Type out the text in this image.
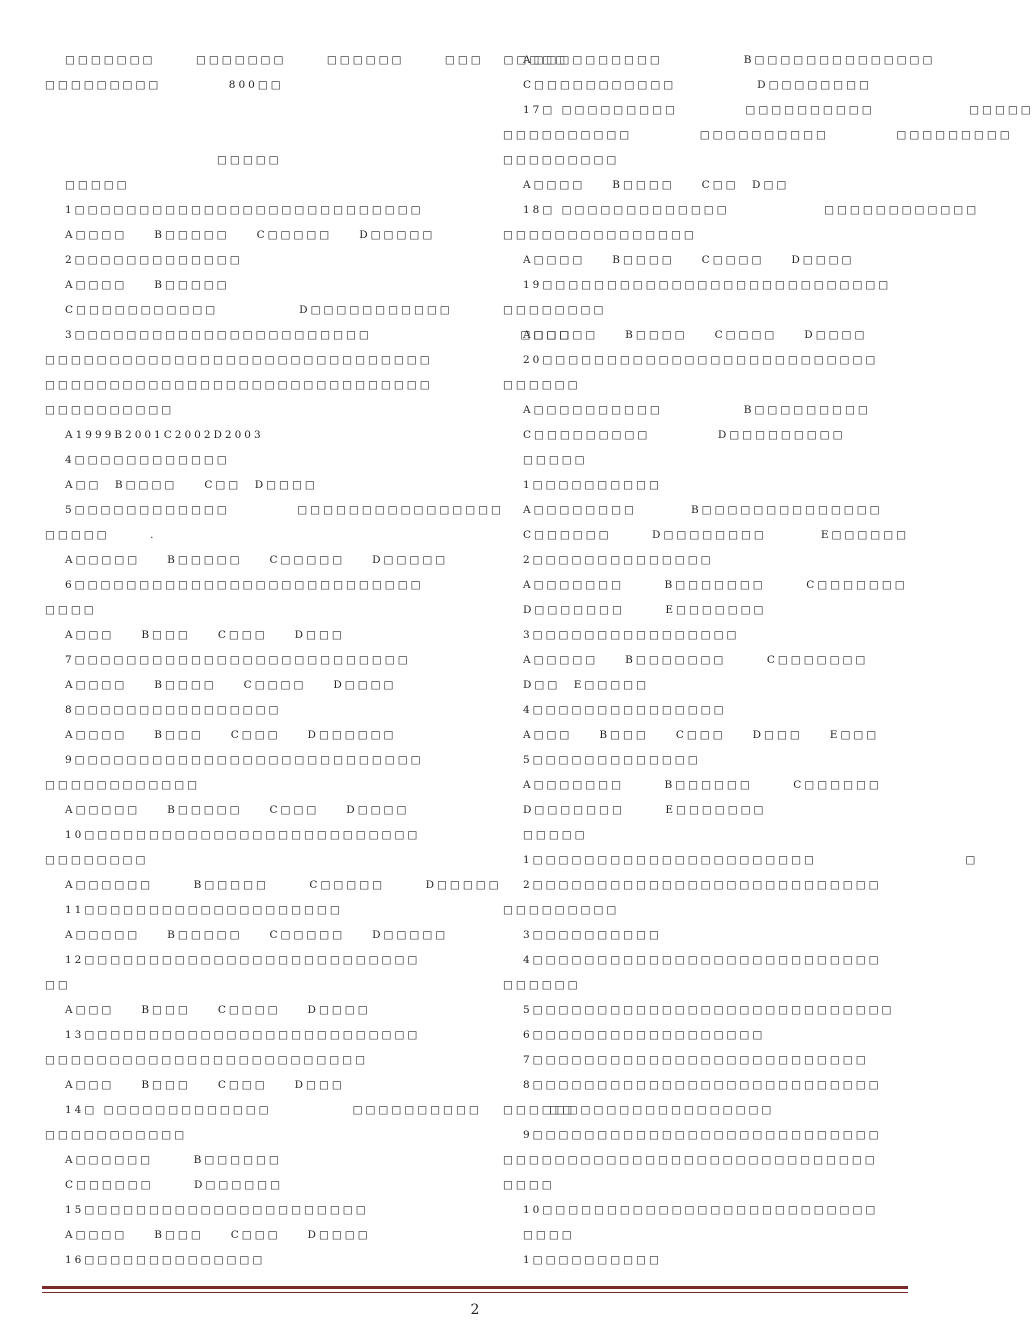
□□□□□□□　　　□□□□□□□　　　□□□□□□　　　□□□　 □□□□□
□□□□□□□□□　　　　　800□□
□□□□□
□□□□□
1□□□□□□□□□□□□□□□□□□□□□□□□□□□
A□□□□　　B□□□□□　　C□□□□□　　D□□□□□
2□□□□□□□□□□□□□
A□□□□　　B□□□□□
C□□□□□□□□□□□　　　　　　D□□□□□□□□□□□
3□□□□□□□□□□□□□□□□□□□□□□□　　　　　　　　　　　□□□□
□□□□□□□□□□□□□□□□□□□□□□□□□□□□□□
□□□□□□□□□□□□□□□□□□□□□□□□□□□□□□
□□□□□□□□□□
A1999B2001C2002D2003
4□□□□□□□□□□□□
A□□　B□□□□　　C□□　D□□□□
5□□□□□□□□□□□□　　　　　□□□□□□□□□□□□□□□□
□□□□□　　　.
A□□□□□　　B□□□□□　　C□□□□□　　D□□□□□
6□□□□□□□□□□□□□□□□□□□□□□□□□□□
□□□□
A□□□　　B□□□　　C□□□　　D□□□
7□□□□□□□□□□□□□□□□□□□□□□□□□□
A□□□□　　B□□□□　　C□□□□　　D□□□□
8□□□□□□□□□□□□□□□□
A□□□□　　B□□□　　C□□□　　D□□□□□□
9□□□□□□□□□□□□□□□□□□□□□□□□□□□
□□□□□□□□□□□□
A□□□□□　　B□□□□□　　C□□□　　D□□□□
10□□□□□□□□□□□□□□□□□□□□□□□□□□
□□□□□□□□
A□□□□□□　　　B□□□□□　　　C□□□□□　　　D□□□□□
11□□□□□□□□□□□□□□□□□□□□
A□□□□□　　B□□□□□　　C□□□□□　　D□□□□□
12□□□□□□□□□□□□□□□□□□□□□□□□□□
□□
A□□□　　B□□□　　C□□□□　　D□□□□
13□□□□□□□□□□□□□□□□□□□□□□□□□□
□□□□□□□□□□□□□□□□□□□□□□□□□
A□□□　　B□□□　　C□□□　　D□□□
14□ □□□□□□□□□□□□□　　　　　　□□□□□□□□□□　　　　　□□
□□□□□□□□□□□
A□□□□□□　　　B□□□□□□
C□□□□□□　　　D□□□□□□
15□□□□□□□□□□□□□□□□□□□□□□
A□□□□　　B□□□　　C□□□　　D□□□□
16□□□□□□□□□□□□□□
A□□□□□□□□□□　　　　　　B□□□□□□□□□□□□□□
C□□□□□□□□□□□　　　　　　D□□□□□□□□
17□ □□□□□□□□□　　　　　□□□□□□□□□□　　　　　　　□□□□□
□□□□□□□□□□　　　　　□□□□□□□□□□　　　　　□□□□□□□□□
□□□□□□□□□
A□□□□　　B□□□□　　C□□　D□□
18□ □□□□□□□□□□□□□　　　　　　　□□□□□□□□□□□□
□□□□□□□□□□□□□□□
A□□□□　　B□□□□　　C□□□□　　D□□□□
19□□□□□□□□□□□□□□□□□□□□□□□□□□□
□□□□□□□□
A□□□□□　　B□□□□　　C□□□□　　D□□□□
20□□□□□□□□□□□□□□□□□□□□□□□□□□
□□□□□□
A□□□□□□□□□□　　　　　　B□□□□□□□□□
C□□□□□□□□□　　　　　D□□□□□□□□□
□□□□□
1□□□□□□□□□□
A□□□□□□□□　　　　B□□□□□□□□□□□□□□
C□□□□□□　　　D□□□□□□□□　　　　E□□□□□□
2□□□□□□□□□□□□□□
A□□□□□□□　　　B□□□□□□□　　　C□□□□□□□
D□□□□□□□　　　E□□□□□□□
3□□□□□□□□□□□□□□□□
A□□□□□　　B□□□□□□□　　　C□□□□□□□
D□□　E□□□□□
4□□□□□□□□□□□□□□□
A□□□　　B□□□　　C□□□　　D□□□　　E□□□
5□□□□□□□□□□□□□
A□□□□□□□　　　B□□□□□□　　　C□□□□□□
D□□□□□□□　　　E□□□□□□□
□□□□□
1□□□□□□□□□□□□□□□□□□□□□□　　　　　　　　　　　□
2□□□□□□□□□□□□□□□□□□□□□□□□□□□
□□□□□□□□□
3□□□□□□□□□□
4□□□□□□□□□□□□□□□□□□□□□□□□□□□
□□□□□□
5□□□□□□□□□□□□□□□□□□□□□□□□□□□□
6□□□□□□□□□□□□□□□□□□
7□□□□□□□□□□□□□□□□□□□□□□□□□□
8□□□□□□□□□□□□□□□□□□□□□□□□□□□
□□□□□□□□□□□□□□□□□□□□□
9□□□□□□□□□□□□□□□□□□□□□□□□□□□
□□□□□□□□□□□□□□□□□□□□□□□□□□□□□
□□□□
10□□□□□□□□□□□□□□□□□□□□□□□□□□
□□□□
1□□□□□□□□□□
2
